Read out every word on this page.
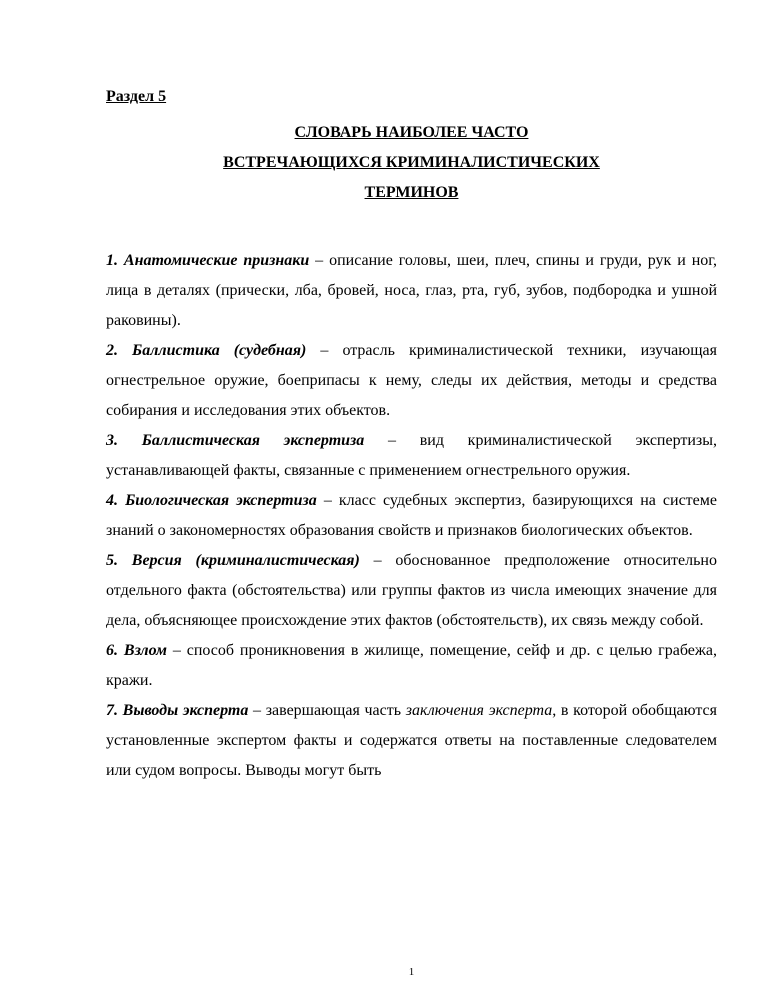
Раздел 5
СЛОВАРЬ НАИБОЛЕЕ ЧАСТО
ВСТРЕЧАЮЩИХСЯ КРИМИНАЛИСТИЧЕСКИХ
ТЕРМИНОВ

1. Анатомические признаки – описание головы, шеи, плеч, спины и груди, рук и ног, лица в деталях (прически, лба, бровей, носа, глаз, рта, губ, зубов, подбородка и ушной раковины).

2. Баллистика (судебная) – отрасль криминалистической техники, изучающая огнестрельное оружие, боеприпасы к нему, следы их действия, методы и средства собирания и исследования этих объектов.

3. Баллистическая экспертиза – вид криминалистической экспертизы, устанавливающей факты, связанные с применением огнестрельного оружия.

4. Биологическая экспертиза – класс судебных экспертиз, базирующихся на системе знаний о закономерностях образования свойств и признаков биологических объектов.

5. Версия (криминалистическая) – обоснованное предположение относительно отдельного факта (обстоятельства) или группы фактов из числа имеющих значение для дела, объясняющее происхождение этих фактов (обстоятельств), их связь между собой.

6. Взлом – способ проникновения в жилище, помещение, сейф и др. с целью грабежа, кражи.

7. Выводы эксперта – завершающая часть заключения эксперта, в которой обобщаются установленные экспертом факты и содержатся ответы на поставленные следователем или судом вопросы. Выводы могут быть

1
